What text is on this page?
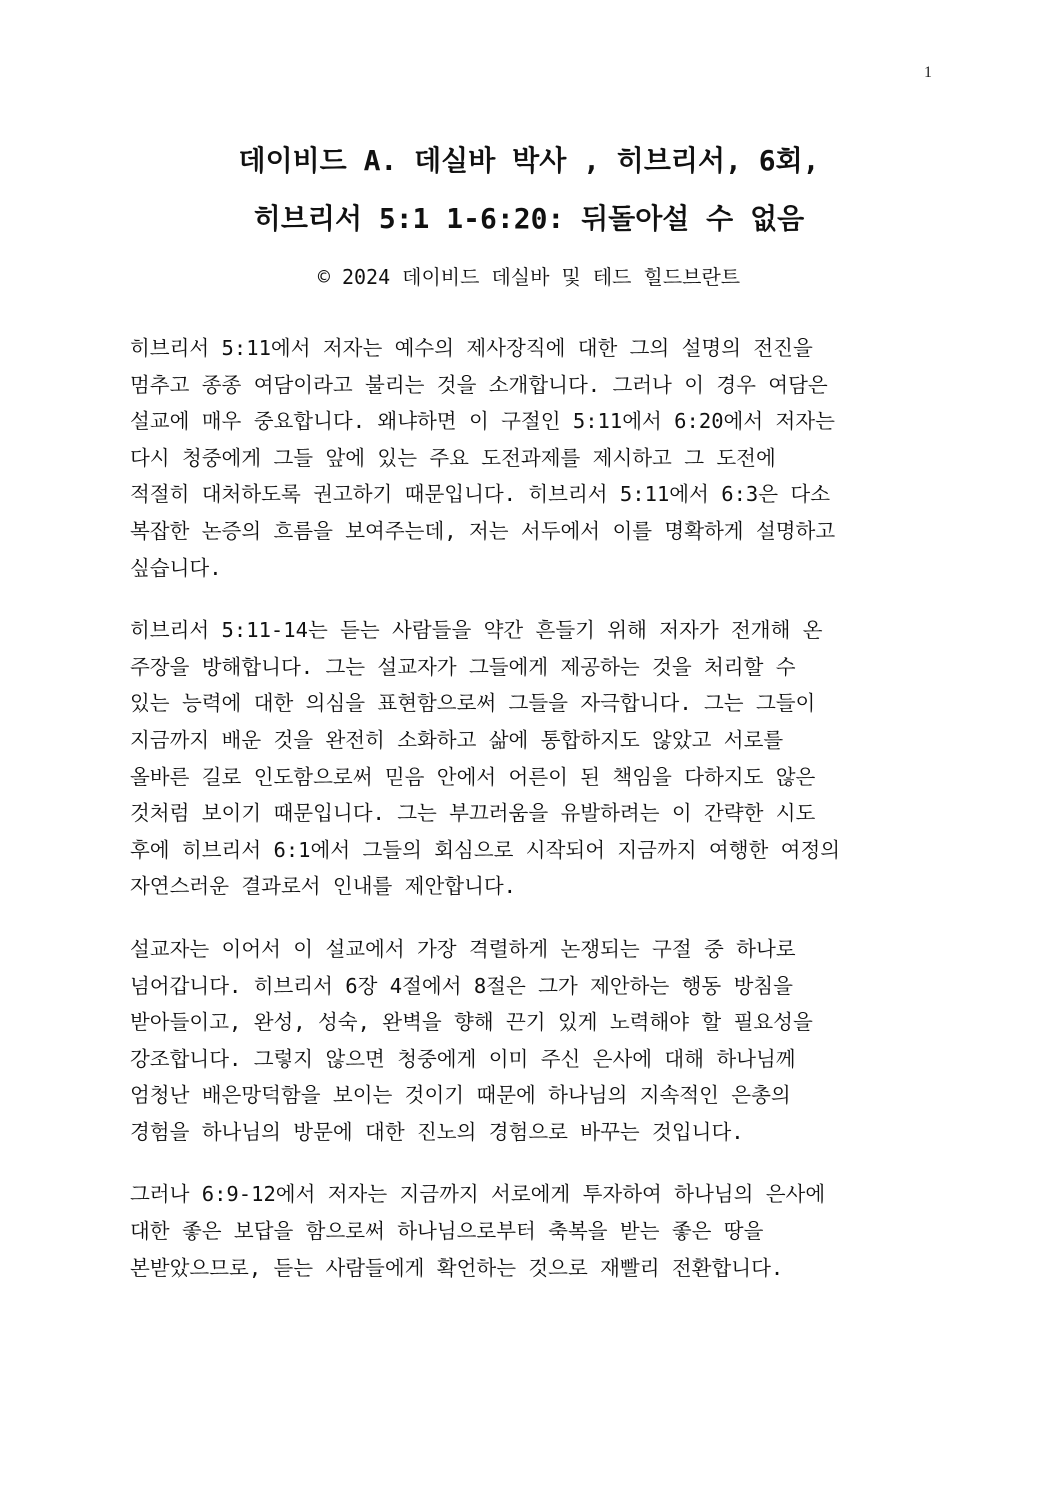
1
데이비드 A. 데실바 박사 , 히브리서, 6회,
히브리서 5:1 1-6:20: 뒤돌아설 수 없음
© 2024 데이비드 데실바 및 테드 힐드브란트
히브리서 5:11에서 저자는 예수의 제사장직에 대한 그의 설명의 전진을
멈추고 종종 여담이라고 불리는 것을 소개합니다. 그러나 이 경우 여담은
설교에 매우 중요합니다. 왜냐하면 이 구절인 5:11에서 6:20에서 저자는
다시 청중에게 그들 앞에 있는 주요 도전과제를 제시하고 그 도전에
적절히 대처하도록 권고하기 때문입니다. 히브리서 5:11에서 6:3은 다소
복잡한 논증의 흐름을 보여주는데, 저는 서두에서 이를 명확하게 설명하고
싶습니다.
히브리서 5:11-14는 듣는 사람들을 약간 흔들기 위해 저자가 전개해 온
주장을 방해합니다. 그는 설교자가 그들에게 제공하는 것을 처리할 수
있는 능력에 대한 의심을 표현함으로써 그들을 자극합니다. 그는 그들이
지금까지 배운 것을 완전히 소화하고 삶에 통합하지도 않았고 서로를
올바른 길로 인도함으로써 믿음 안에서 어른이 된 책임을 다하지도 않은
것처럼 보이기 때문입니다. 그는 부끄러움을 유발하려는 이 간략한 시도
후에 히브리서 6:1에서 그들의 회심으로 시작되어 지금까지 여행한 여정의
자연스러운 결과로서 인내를 제안합니다.
설교자는 이어서 이 설교에서 가장 격렬하게 논쟁되는 구절 중 하나로
넘어갑니다. 히브리서 6장 4절에서 8절은 그가 제안하는 행동 방침을
받아들이고, 완성, 성숙, 완벽을 향해 끈기 있게 노력해야 할 필요성을
강조합니다. 그렇지 않으면 청중에게 이미 주신 은사에 대해 하나님께
엄청난 배은망덕함을 보이는 것이기 때문에 하나님의 지속적인 은총의
경험을 하나님의 방문에 대한 진노의 경험으로 바꾸는 것입니다.
그러나 6:9-12에서 저자는 지금까지 서로에게 투자하여 하나님의 은사에
대한 좋은 보답을 함으로써 하나님으로부터 축복을 받는 좋은 땅을
본받았으므로, 듣는 사람들에게 확언하는 것으로 재빨리 전환합니다.
